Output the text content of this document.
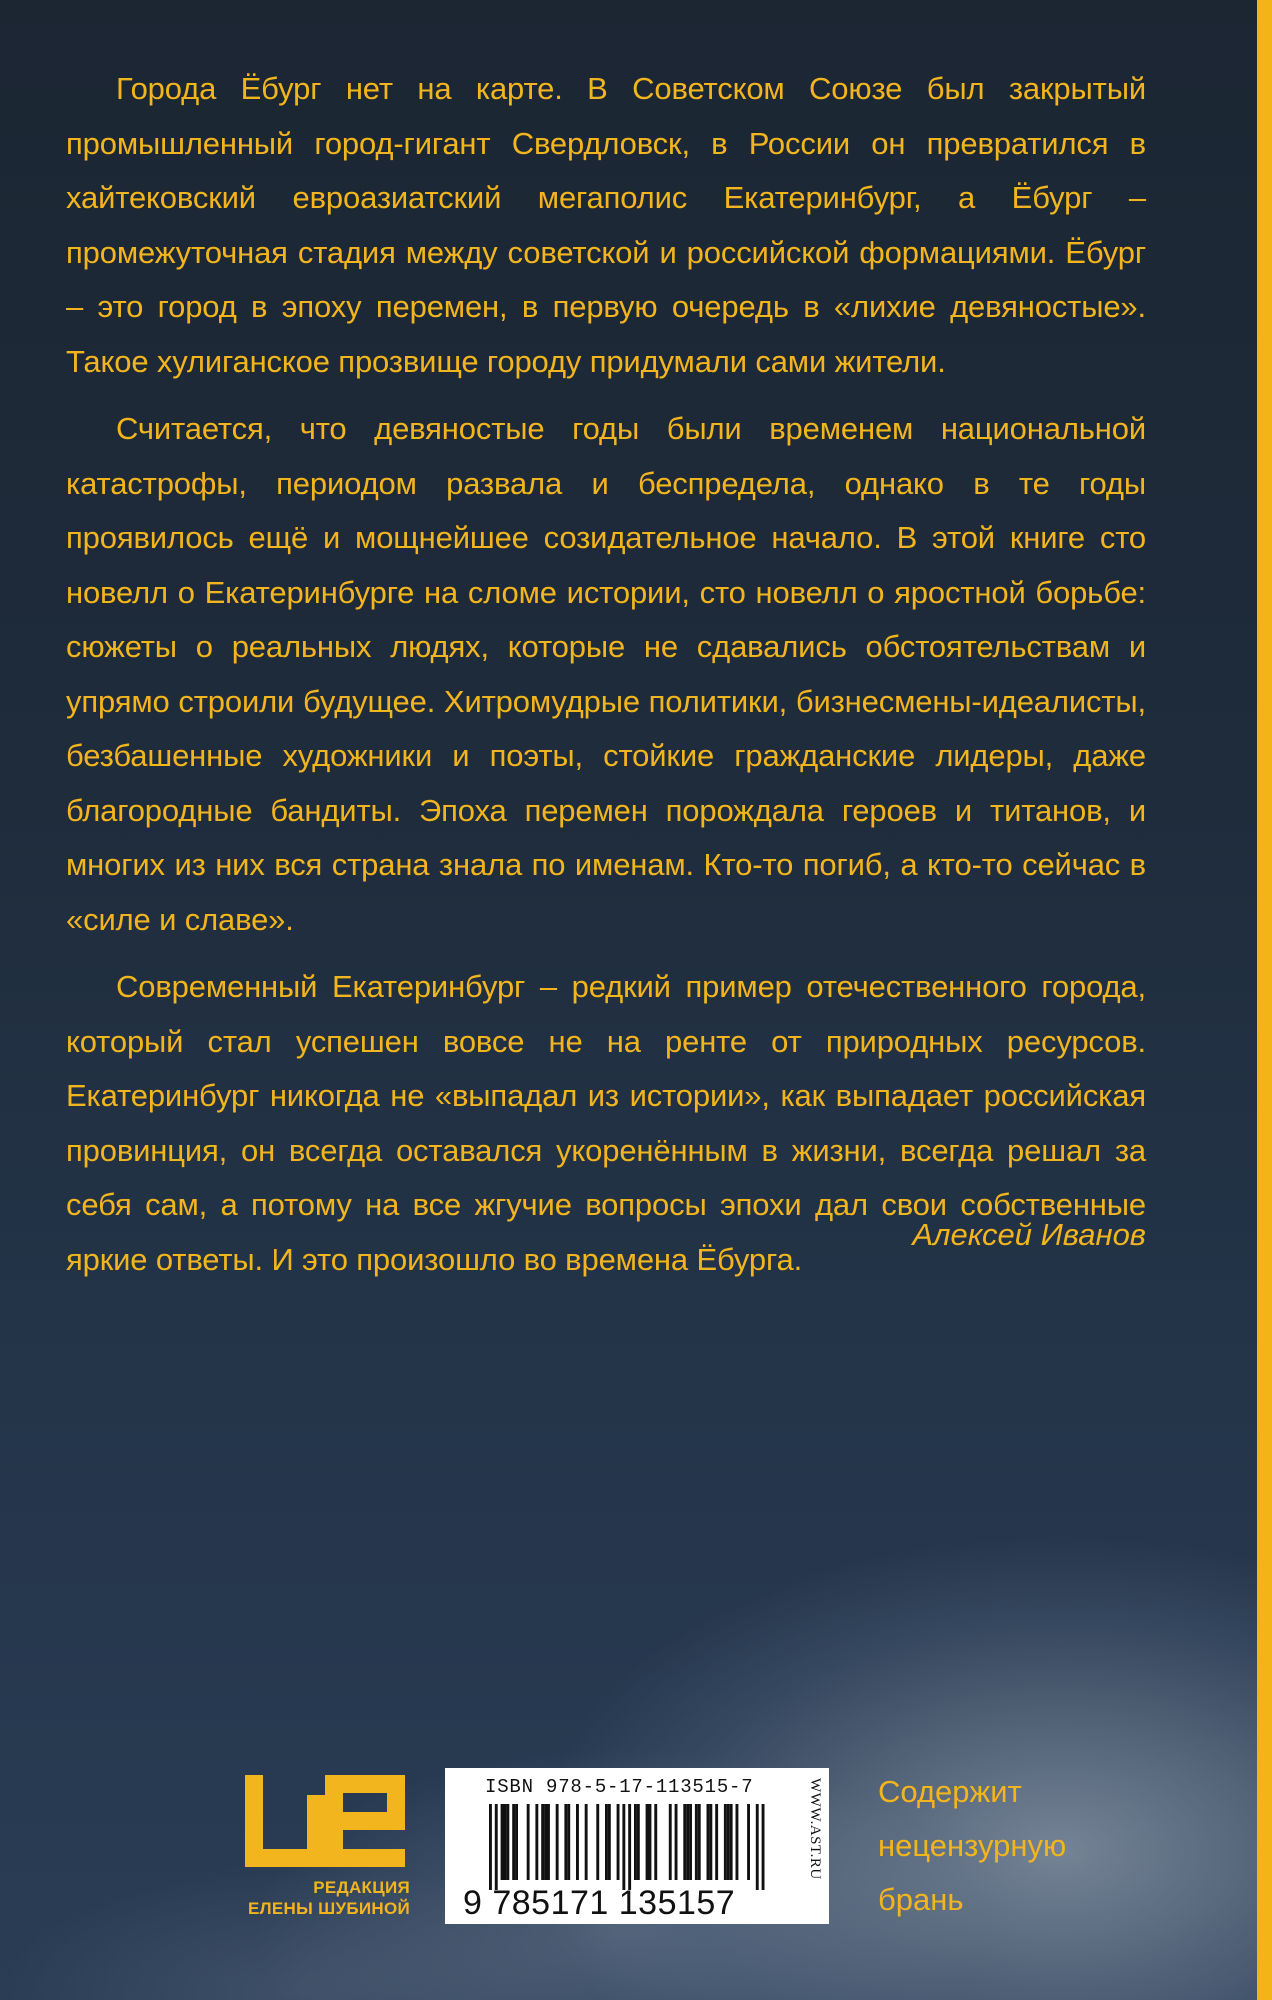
Города Ёбург нет на карте. В Советском Союзе был закрытый промышленный город-гигант Свердловск, в России он превратился в хайтековский евроазиатский мегаполис Екатеринбург, а Ёбург – промежуточная стадия между советской и российской формациями. Ёбург – это город в эпоху перемен, в первую очередь в «лихие девяностые». Такое хулиганское прозвище городу придумали сами жители.

Считается, что девяностые годы были временем национальной катастрофы, периодом развала и беспредела, однако в те годы проявилось ещё и мощнейшее созидательное начало. В этой книге сто новелл о Екатеринбурге на сломе истории, сто новелл о яростной борьбе: сюжеты о реальных людях, которые не сдавались обстоятельствам и упрямо строили будущее. Хитромудрые политики, бизнесмены-идеалисты, безбашенные художники и поэты, стойкие гражданские лидеры, даже благородные бандиты. Эпоха перемен порождала героев и титанов, и многих из них вся страна знала по именам. Кто-то погиб, а кто-то сейчас в «силе и славе».

Современный Екатеринбург – редкий пример отечественного города, который стал успешен вовсе не на ренте от природных ресурсов. Екатеринбург никогда не «выпадал из истории», как выпадает российская провинция, он всегда оставался укоренённым в жизни, всегда решал за себя сам, а потому на все жгучие вопросы эпохи дал свои собственные яркие ответы. И это произошло во времена Ёбурга.

Алексей Иванов
РЕДАКЦИЯ
ЕЛЕНЫ ШУБИНОЙ
ISBN 978-5-17-113515-7	WWW.AST.RU
9 785171 135157
Содержит
нецензурную
брань
